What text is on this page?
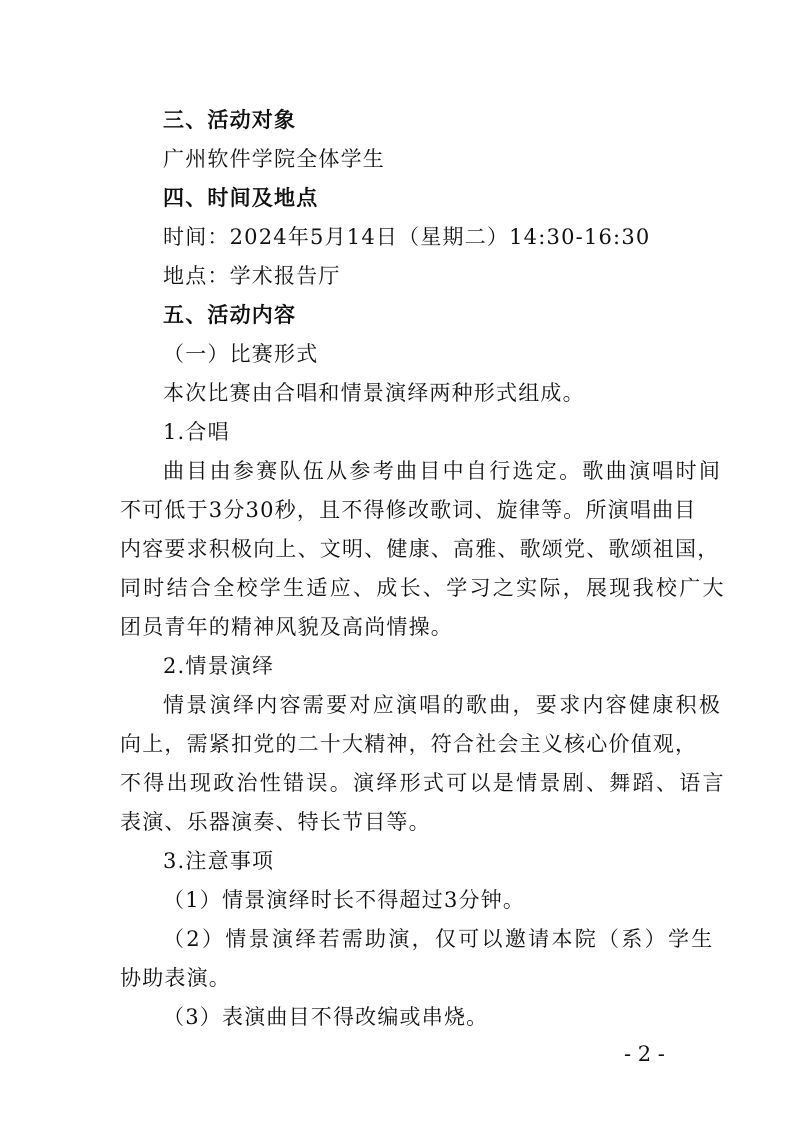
三、活动对象
广州软件学院全体学生
四、时间及地点
时间：2024年5月14日（星期二）14:30-16:30
地点：学术报告厅
五、活动内容
（一）比赛形式
本次比赛由合唱和情景演绎两种形式组成。
1.合唱
曲目由参赛队伍从参考曲目中自行选定。歌曲演唱时间
不可低于3分30秒，且不得修改歌词、旋律等。所演唱曲目
内容要求积极向上、文明、健康、高雅、歌颂党、歌颂祖国，
同时结合全校学生适应、成长、学习之实际，展现我校广大
团员青年的精神风貌及高尚情操。
2.情景演绎
情景演绎内容需要对应演唱的歌曲，要求内容健康积极
向上，需紧扣党的二十大精神，符合社会主义核心价值观，
不得出现政治性错误。演绎形式可以是情景剧、舞蹈、语言
表演、乐器演奏、特长节目等。
3.注意事项
（1）情景演绎时长不得超过3分钟。
（2）情景演绎若需助演，仅可以邀请本院（系）学生
协助表演。
（3）表演曲目不得改编或串烧。
- 2 -
